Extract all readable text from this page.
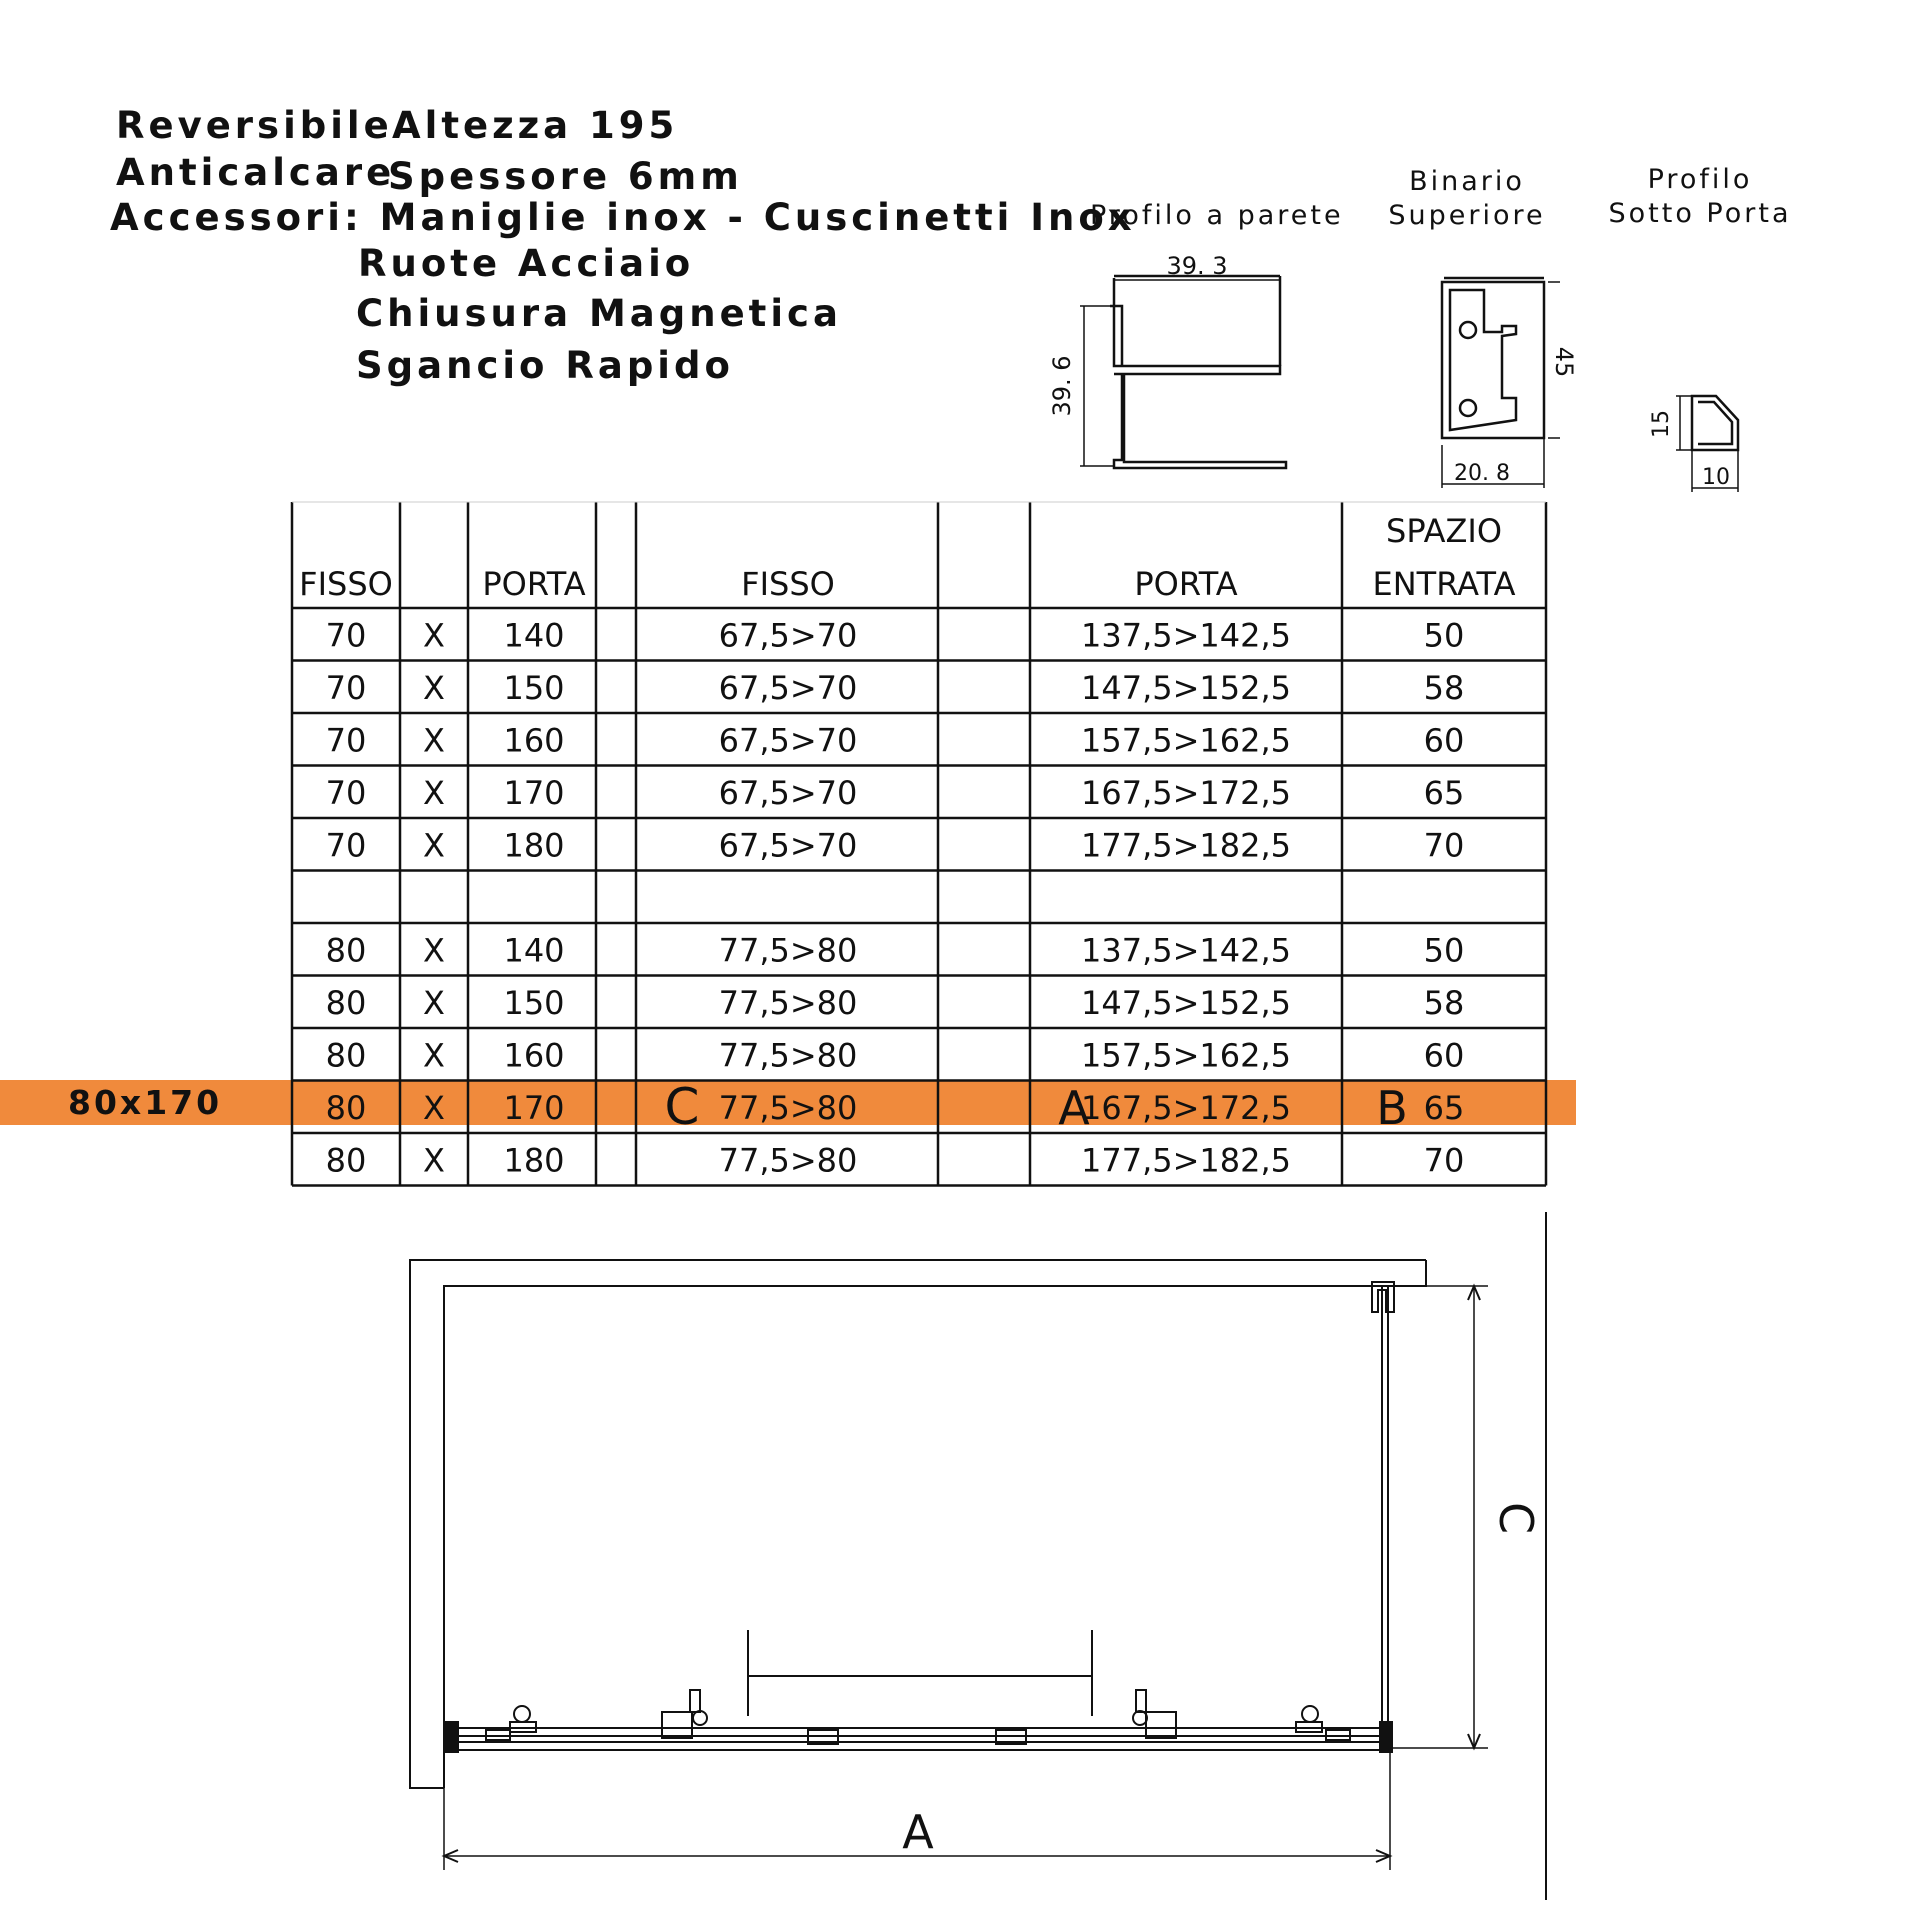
Reversibile Altezza 195
Anticalcare
Spessore 6mm
Accessori: Maniglie inox - Cuscinetti Inox
Ruote Acciaio
Chiusura Magnetica
Sgancio Rapido
Profilo a parete
Binario
Superiore
Profilo
Sotto Porta
39. 3
39. 6	45
20. 8
15
10
80x170
FISSO	PORTA	FISSO	PORTA
SPAZIO
ENTRATA
70 X 140	67,5>70	137,5>142,5	50
70 X 150	67,5>70	147,5>152,5	58
70 X 160	67,5>70	157,5>162,5	60
70 X 170	67,5>70	167,5>172,5	65
70 X 180	67,5>70	177,5>182,5	70
80 X 140	77,5>80	137,5>142,5	50
80 X 150	77,5>80	147,5>152,5	58
80 X 160	77,5>80	157,5>162,5	60
80 X 170	77,5>80	167,5>172,5	65
80 X 180	77,5>80	177,5>182,5	70
C	A	B
A
C
